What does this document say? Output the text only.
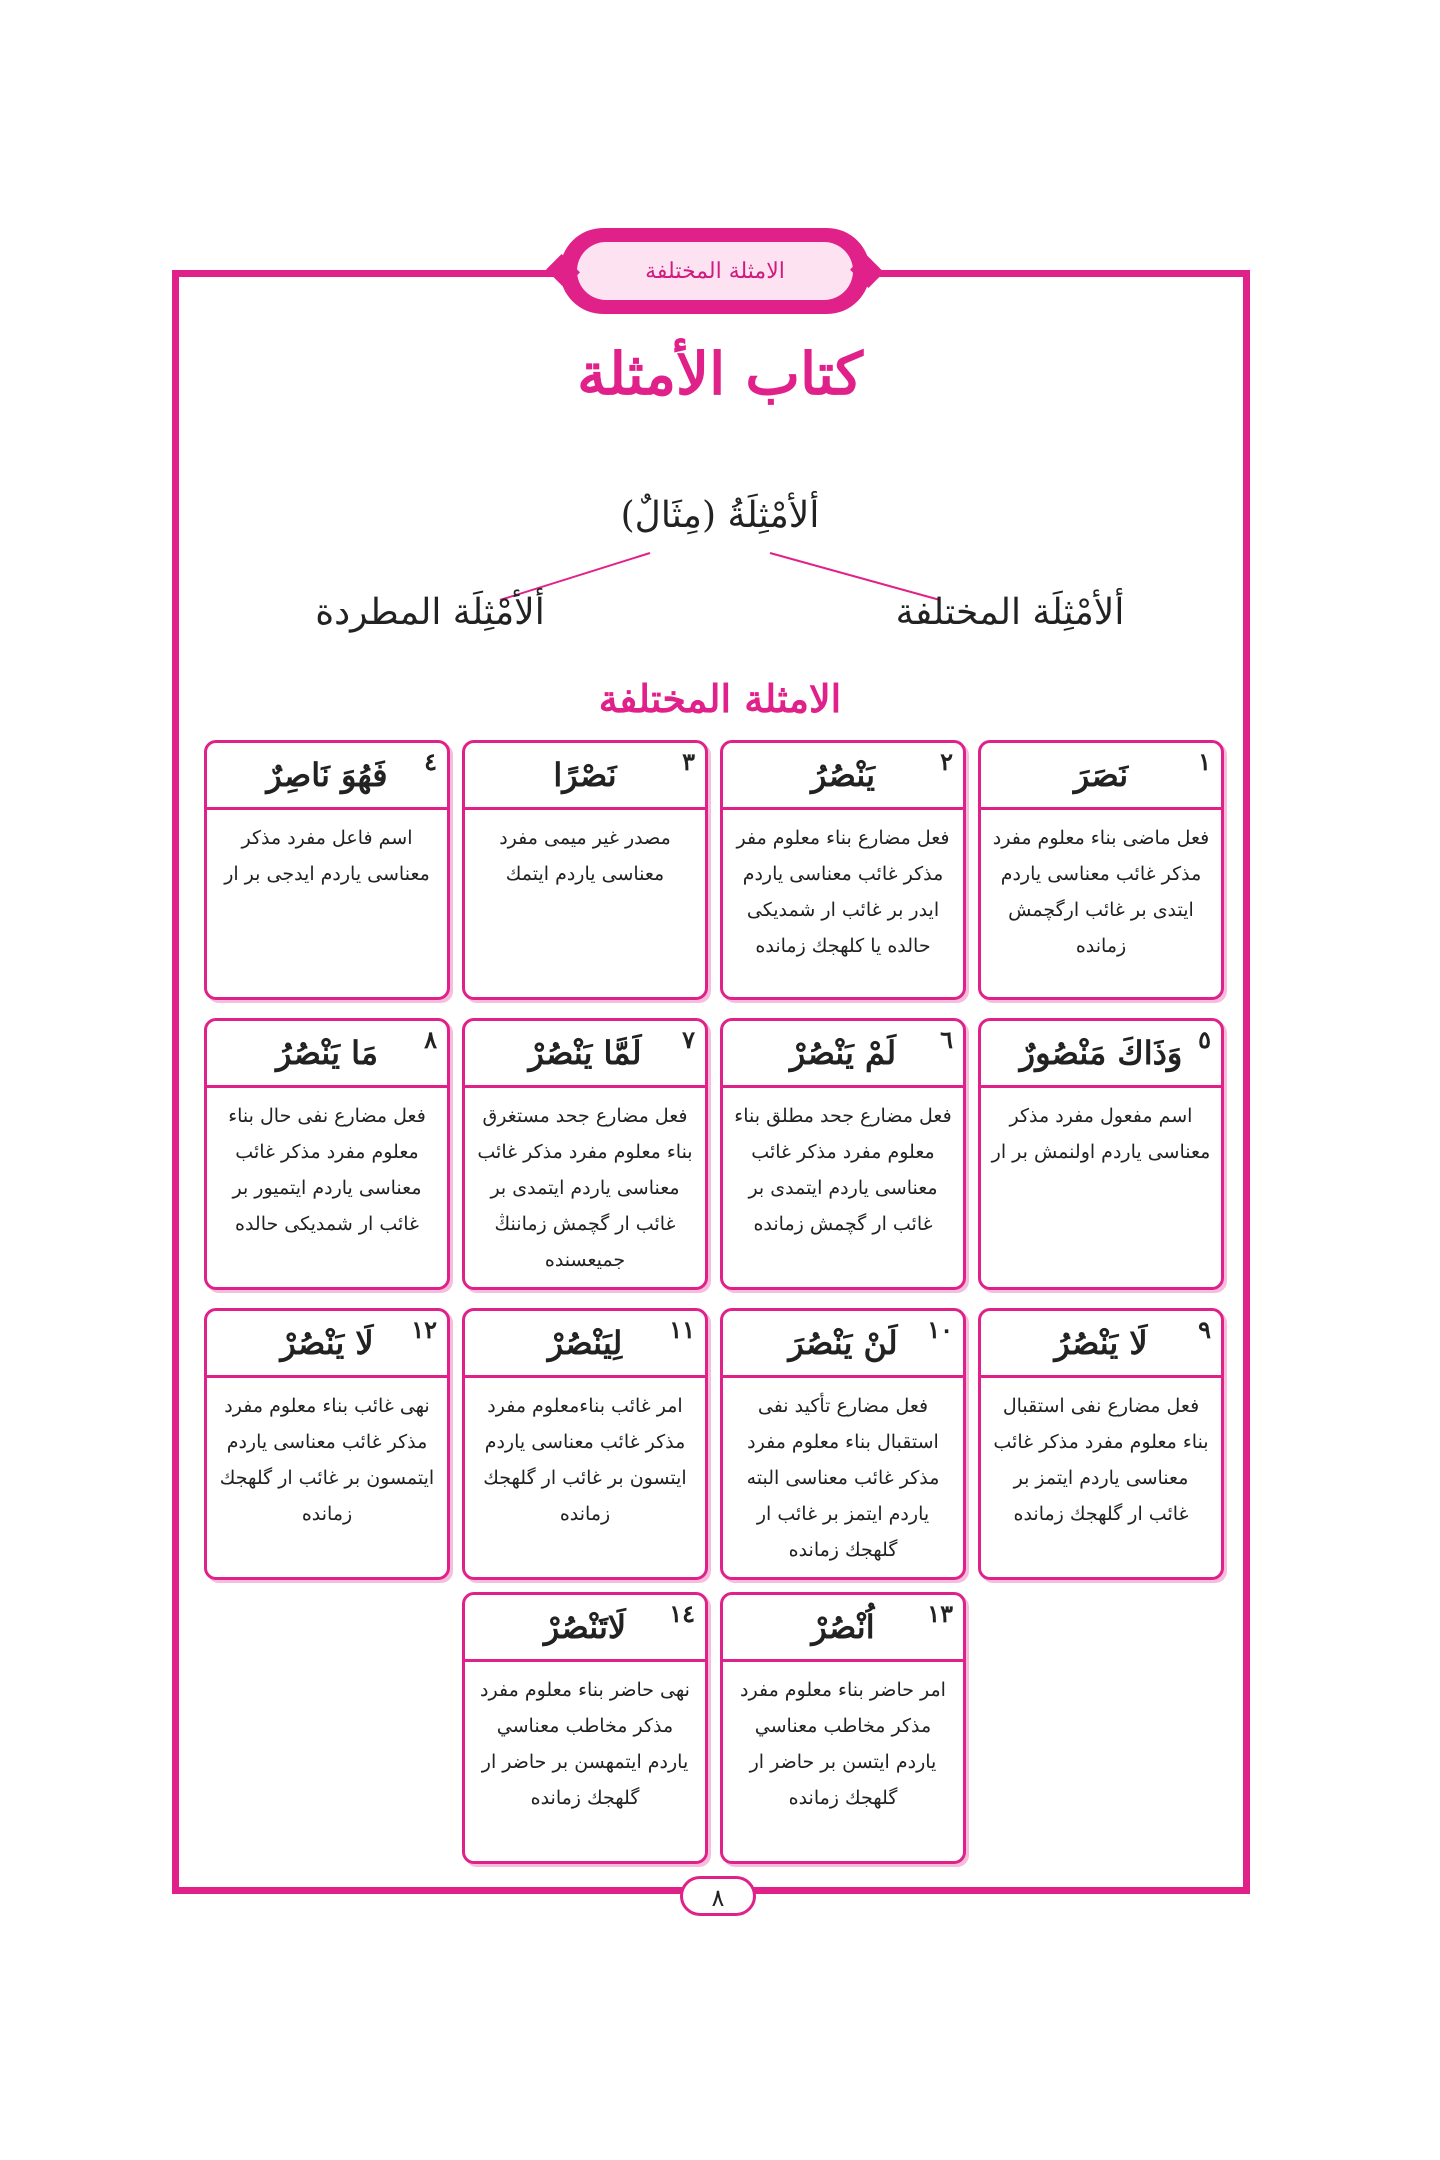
الامثلة المختلفة
كتاب الأمثلة
ألأمْثِلَةُ (مِثَالٌ)
ألأمْثِلَة المطردة	ألأمْثِلَة المختلفة
الامثلة المختلفة
١
نَصَرَ
فعل ماضى بناء معلوم مفرد مذكر غائب معناسى ياردم ايتدى بر غائب ارگچمش زمانده
٢
يَنْصُرُ
فعل مضارع بناء معلوم مفر مذكر غائب معناسى ياردم ايدر بر غائب ار شمديكى حالده يا كلهجك زمانده
٣
نَصْرًا
مصدر غير ميمى مفرد معناسى ياردم ايتمك
٤
فَهُوَ نَاصِرٌ
اسم فاعل مفرد مذكر معناسى ياردم ايدجى بر ار
٥
وَذَاكَ مَنْصُورٌ
اسم مفعول مفرد مذكر معناسى ياردم اولنمش بر ار
٦
لَمْ يَنْصُرْ
فعل مضارع جحد مطلق بناء معلوم مفرد مذكر غائب معناسى ياردم ايتمدى بر غائب ار گچمش زمانده
٧
لَمَّا يَنْصُرْ
فعل مضارع جحد مستغرق بناء معلوم مفرد مذكر غائب معناسى ياردم ايتمدى بر غائب ار گچمش زماننڭ جميعسنده
٨
مَا يَنْصُرُ
فعل مضارع نفى حال بناء معلوم مفرد مذكر غائب معناسى ياردم ايتميور بر غائب ار شمديكى حالده
٩
لَا يَنْصُرُ
فعل مضارع نفى استقبال بناء معلوم مفرد مذكر غائب معناسى ياردم ايتمز بر غائب ار گلهجك زمانده
١٠
لَنْ يَنْصُرَ
فعل مضارع تأكيد نفى استقبال بناء معلوم مفرد مذكر غائب معناسى البته ياردم ايتمز بر غائب ار گلهجك زمانده
١١
لِيَنْصُرْ
امر غائب بناءمعلوم مفرد مذكر غائب معناسى ياردم ايتسون بر غائب ار گلهجك زمانده
١٢
لَا يَنْصُرْ
نهى غائب بناء معلوم مفرد مذكر غائب معناسى ياردم ايتمسون بر غائب ار گلهجك زمانده
١٣
اُنْصُرْ
امر حاضر بناء معلوم مفرد مذكر مخاطب معناسي ياردم ايتسن بر حاضر ار گلهجك زمانده
١٤
لَاتَنْصُرْ
نهى حاضر بناء معلوم مفرد مذكر مخاطب معناسي ياردم ايتمهسن بر حاضر ار گلهجك زمانده
٨
